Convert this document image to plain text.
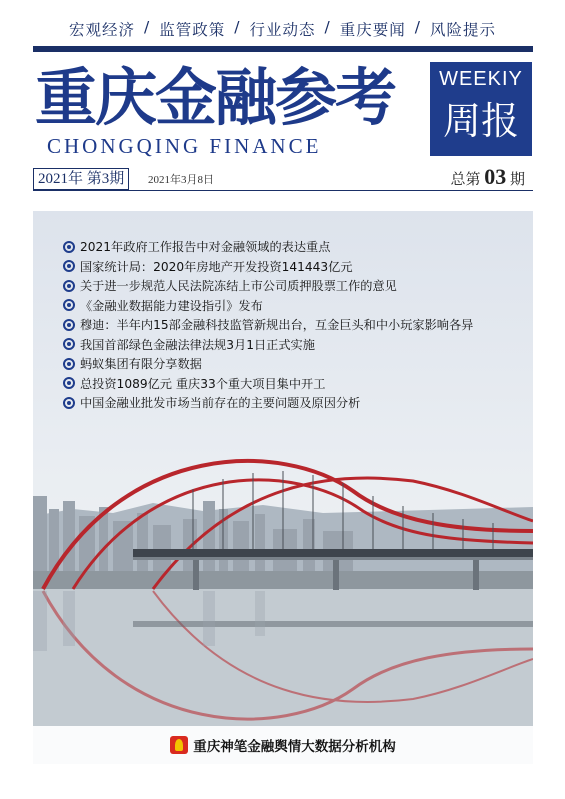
宏观经济 / 监管政策 / 行业动态 / 重庆要闻 / 风险提示
重庆金融参考
CHONGQING FINANCE
WEEKIY
周报
2021年 第3期	2021年3月8日	总第 03 期
2021年政府工作报告中对金融领域的表达重点
国家统计局：2020年房地产开发投资141443亿元
关于进一步规范人民法院冻结上市公司质押股票工作的意见
《金融业数据能力建设指引》发布
穆迪：半年内15部金融科技监管新规出台，互金巨头和中小玩家影响各异
我国首部绿色金融法律法规3月1日正式实施
蚂蚁集团有限分享数据
总投资1089亿元 重庆33个重大项目集中开工
中国金融业批发市场当前存在的主要问题及原因分析
重庆神笔金融舆情大数据分析机构
